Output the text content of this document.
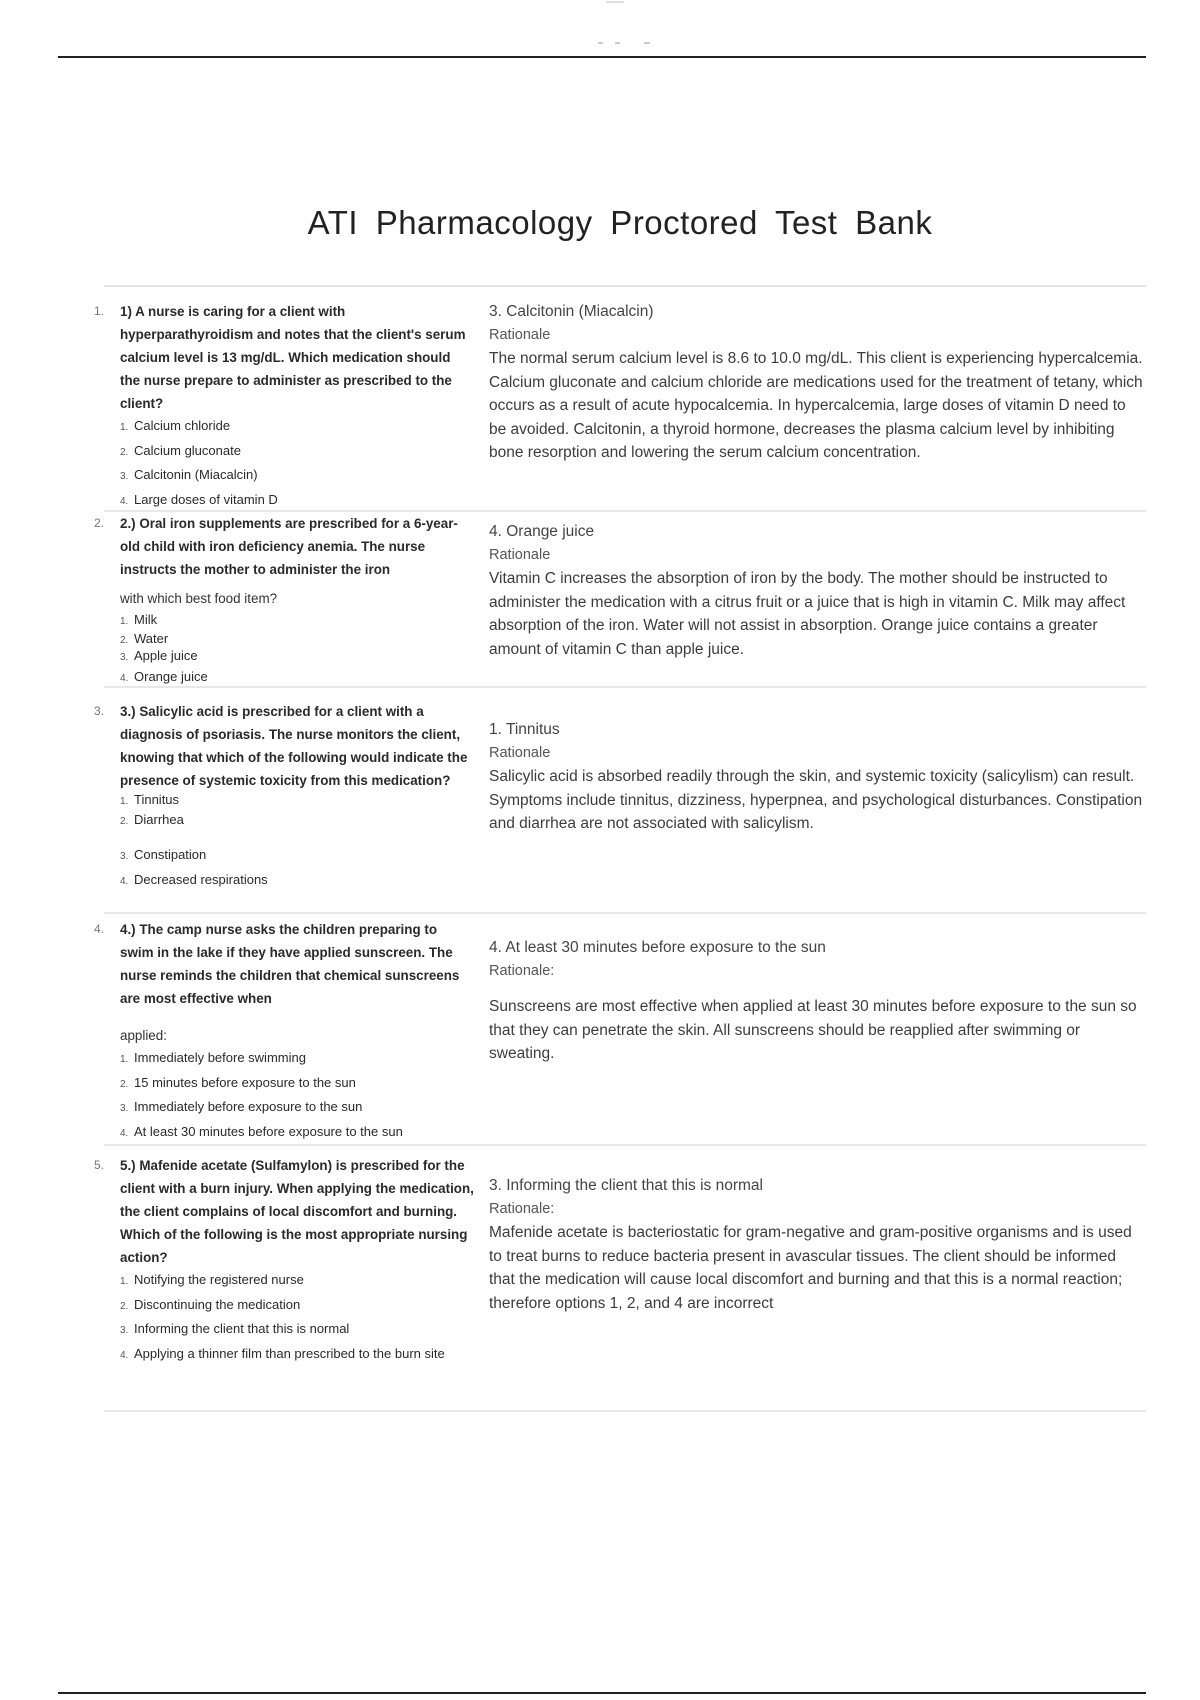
ATI Pharmacology Proctored Test Bank
1. 1) A nurse is caring for a client with hyperparathyroidism and notes that the client's serum calcium level is 13 mg/dL. Which medication should the nurse prepare to administer as prescribed to the client?
1. Calcium chloride
2. Calcium gluconate
3. Calcitonin (Miacalcin)
4. Large doses of vitamin D
3. Calcitonin (Miacalcin)
Rationale
The normal serum calcium level is 8.6 to 10.0 mg/dL. This client is experiencing hypercalcemia. Calcium gluconate and calcium chloride are medications used for the treatment of tetany, which occurs as a result of acute hypocalcemia. In hypercalcemia, large doses of vitamin D need to be avoided. Calcitonin, a thyroid hormone, decreases the plasma calcium level by inhibiting bone resorption and lowering the serum calcium concentration.
2. 2.) Oral iron supplements are prescribed for a 6-year-old child with iron deficiency anemia. The nurse instructs the mother to administer the iron
with which best food item?
1. Milk
2. Water
3. Apple juice
4. Orange juice
4. Orange juice
Rationale
Vitamin C increases the absorption of iron by the body. The mother should be instructed to administer the medication with a citrus fruit or a juice that is high in vitamin C. Milk may affect absorption of the iron. Water will not assist in absorption. Orange juice contains a greater amount of vitamin C than apple juice.
3. 3.) Salicylic acid is prescribed for a client with a diagnosis of psoriasis. The nurse monitors the client, knowing that which of the following would indicate the presence of systemic toxicity from this medication?
1. Tinnitus
2. Diarrhea
3. Constipation
4. Decreased respirations
1. Tinnitus
Rationale
Salicylic acid is absorbed readily through the skin, and systemic toxicity (salicylism) can result. Symptoms include tinnitus, dizziness, hyperpnea, and psychological disturbances. Constipation and diarrhea are not associated with salicylism.
4. 4.) The camp nurse asks the children preparing to swim in the lake if they have applied sunscreen. The nurse reminds the children that chemical sunscreens are most effective when
applied:
1. Immediately before swimming
2. 15 minutes before exposure to the sun
3. Immediately before exposure to the sun
4. At least 30 minutes before exposure to the sun
4. At least 30 minutes before exposure to the sun
Rationale:
Sunscreens are most effective when applied at least 30 minutes before exposure to the sun so that they can penetrate the skin. All sunscreens should be reapplied after swimming or sweating.
5. 5.) Mafenide acetate (Sulfamylon) is prescribed for the client with a burn injury. When applying the medication, the client complains of local discomfort and burning. Which of the following is the most appropriate nursing action?
1. Notifying the registered nurse
2. Discontinuing the medication
3. Informing the client that this is normal
4. Applying a thinner film than prescribed to the burn site
3. Informing the client that this is normal
Rationale:
Mafenide acetate is bacteriostatic for gram-negative and gram-positive organisms and is used to treat burns to reduce bacteria present in avascular tissues. The client should be informed that the medication will cause local discomfort and burning and that this is a normal reaction; therefore options 1, 2, and 4 are incorrect
